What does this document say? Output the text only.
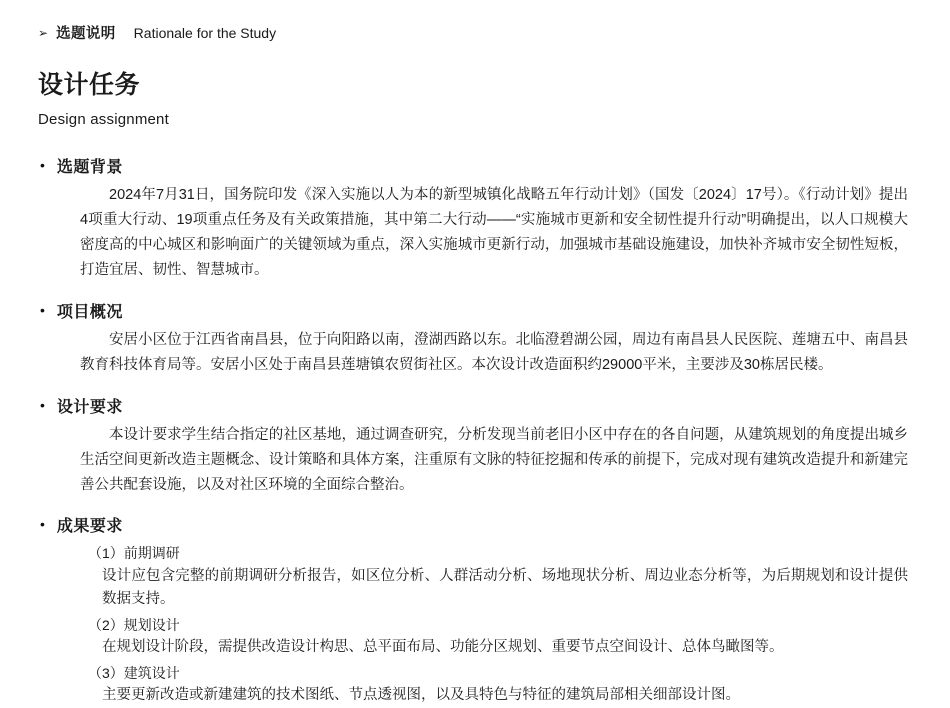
➢ 选题说明 Rationale for the Study
设计任务

Design assignment

• 选题背景

2024年7月31日，国务院印发《深入实施以人为本的新型城镇化战略五年行动计划》（国发〔2024〕17号）。《行动计划》提出4项重大行动、19项重点任务及有关政策措施，其中第二大行动——“实施城市更新和安全韧性提升行动”明确提出，以人口规模大密度高的中心城区和影响面广的关键领域为重点，深入实施城市更新行动，加强城市基础设施建设，加快补齐城市安全韧性短板，打造宜居、韧性、智慧城市。

• 项目概况

安居小区位于江西省南昌县，位于向阳路以南，澄湖西路以东。北临澄碧湖公园，周边有南昌县人民医院、莲塘五中、南昌县教育科技体育局等。安居小区处于南昌县莲塘镇农贸街社区。本次设计改造面积约29000平米，主要涉及30栋居民楼。

• 设计要求

本设计要求学生结合指定的社区基地，通过调查研究，分析发现当前老旧小区中存在的各自问题，从建筑规划的角度提出城乡生活空间更新改造主题概念、设计策略和具体方案，注重原有文脉的特征挖掘和传承的前提下，完成对现有建筑改造提升和新建完善公共配套设施，以及对社区环境的全面综合整治。

• 成果要求

（1）前期调研

设计应包含完整的前期调研分析报告，如区位分析、人群活动分析、场地现状分析、周边业态分析等，为后期规划和设计提供数据支持。

（2）规划设计

在规划设计阶段，需提供改造设计构思、总平面布局、功能分区规划、重要节点空间设计、总体鸟瞰图等。

（3）建筑设计

主要更新改造或新建建筑的技术图纸、节点透视图，以及具特色与特征的建筑局部相关细部设计图。
